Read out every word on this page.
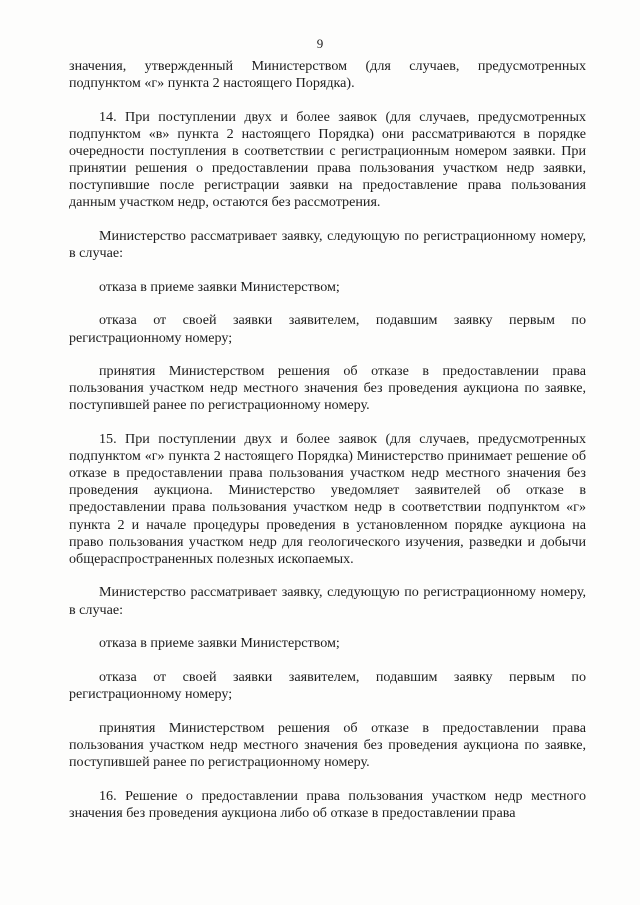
9

значения, утвержденный Министерством (для случаев, предусмотренных подпунктом «г» пункта 2 настоящего Порядка).

14. При поступлении двух и более заявок (для случаев, предусмотренных подпунктом «в» пункта 2 настоящего Порядка) они рассматриваются в порядке очередности поступления в соответствии с регистрационным номером заявки. При принятии решения о предоставлении права пользования участком недр заявки, поступившие после регистрации заявки на предоставление права пользования данным участком недр, остаются без рассмотрения.

Министерство рассматривает заявку, следующую по регистрационному номеру, в случае:

отказа в приеме заявки Министерством;

отказа от своей заявки заявителем, подавшим заявку первым по регистрационному номеру;

принятия Министерством решения об отказе в предоставлении права пользования участком недр местного значения без проведения аукциона по заявке, поступившей ранее по регистрационному номеру.

15. При поступлении двух и более заявок (для случаев, предусмотренных подпунктом «г» пункта 2 настоящего Порядка) Министерство принимает решение об отказе в предоставлении права пользования участком недр местного значения без проведения аукциона. Министерство уведомляет заявителей об отказе в предоставлении права пользования участком недр в соответствии подпунктом «г» пункта 2 и начале процедуры проведения в установленном порядке аукциона на право пользования участком недр для геологического изучения, разведки и добычи общераспространенных полезных ископаемых.

Министерство рассматривает заявку, следующую по регистрационному номеру, в случае:

отказа в приеме заявки Министерством;

отказа от своей заявки заявителем, подавшим заявку первым по регистрационному номеру;

принятия Министерством решения об отказе в предоставлении права пользования участком недр местного значения без проведения аукциона по заявке, поступившей ранее по регистрационному номеру.

16. Решение о предоставлении права пользования участком недр местного значения без проведения аукциона либо об отказе в предоставлении права
